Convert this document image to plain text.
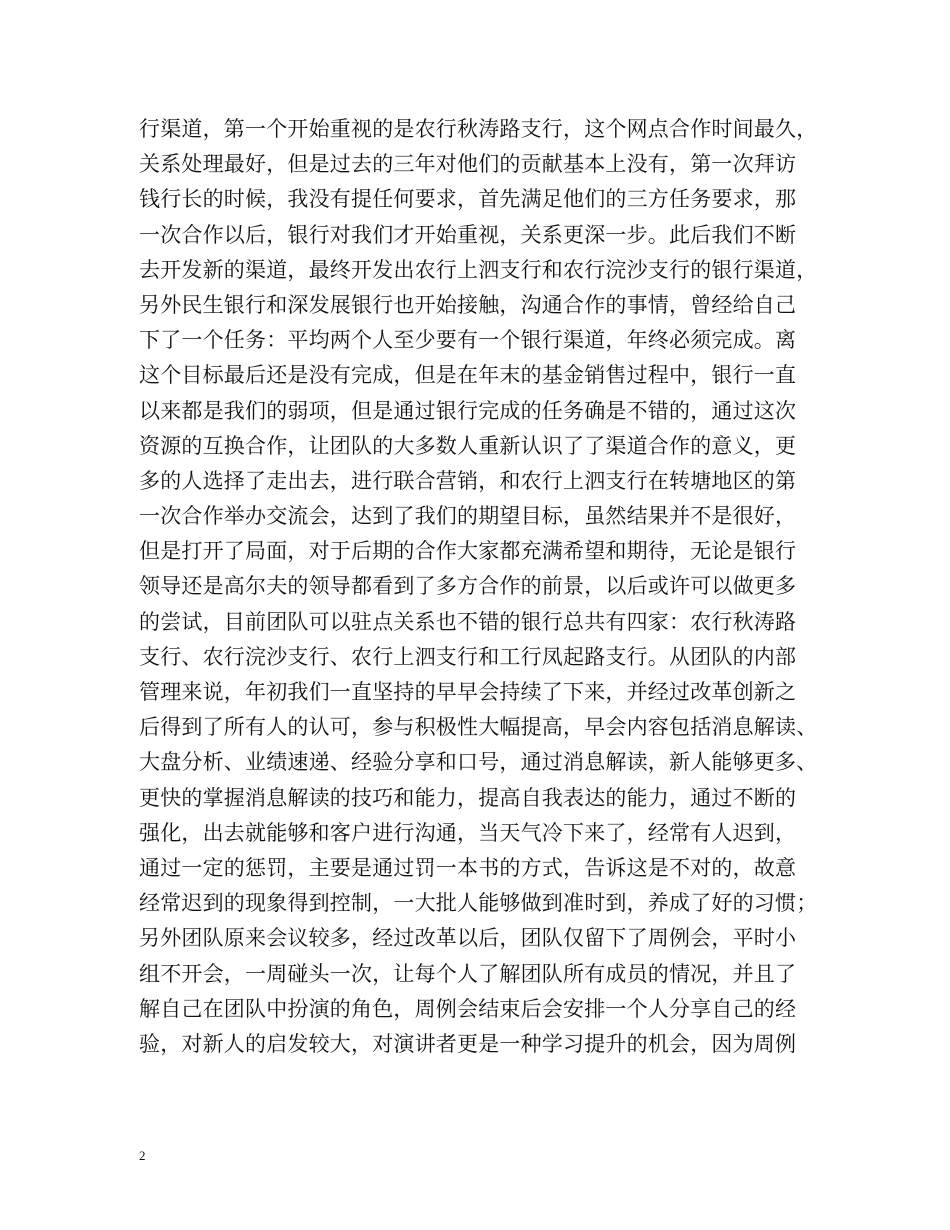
行渠道，第一个开始重视的是农行秋涛路支行，这个网点合作时间最久，
关系处理最好，但是过去的三年对他们的贡献基本上没有，第一次拜访
钱行长的时候，我没有提任何要求，首先满足他们的三方任务要求，那
一次合作以后，银行对我们才开始重视，关系更深一步。此后我们不断
去开发新的渠道，最终开发出农行上泗支行和农行浣沙支行的银行渠道，
另外民生银行和深发展银行也开始接触，沟通合作的事情，曾经给自己
下了一个任务：平均两个人至少要有一个银行渠道，年终必须完成。离
这个目标最后还是没有完成，但是在年末的基金销售过程中，银行一直
以来都是我们的弱项，但是通过银行完成的任务确是不错的，通过这次
资源的互换合作，让团队的大多数人重新认识了了渠道合作的意义，更
多的人选择了走出去，进行联合营销，和农行上泗支行在转塘地区的第
一次合作举办交流会，达到了我们的期望目标，虽然结果并不是很好，
但是打开了局面，对于后期的合作大家都充满希望和期待，无论是银行
领导还是高尔夫的领导都看到了多方合作的前景，以后或许可以做更多
的尝试，目前团队可以驻点关系也不错的银行总共有四家：农行秋涛路
支行、农行浣沙支行、农行上泗支行和工行凤起路支行。从团队的内部
管理来说，年初我们一直坚持的早早会持续了下来，并经过改革创新之
后得到了所有人的认可，参与积极性大幅提高，早会内容包括消息解读、
大盘分析、业绩速递、经验分享和口号，通过消息解读，新人能够更多、
更快的掌握消息解读的技巧和能力，提高自我表达的能力，通过不断的
强化，出去就能够和客户进行沟通，当天气冷下来了，经常有人迟到，
通过一定的惩罚，主要是通过罚一本书的方式，告诉这是不对的，故意
经常迟到的现象得到控制，一大批人能够做到准时到，养成了好的习惯；
另外团队原来会议较多，经过改革以后，团队仅留下了周例会，平时小
组不开会，一周碰头一次，让每个人了解团队所有成员的情况，并且了
解自己在团队中扮演的角色，周例会结束后会安排一个人分享自己的经
验，对新人的启发较大，对演讲者更是一种学习提升的机会，因为周例
2
